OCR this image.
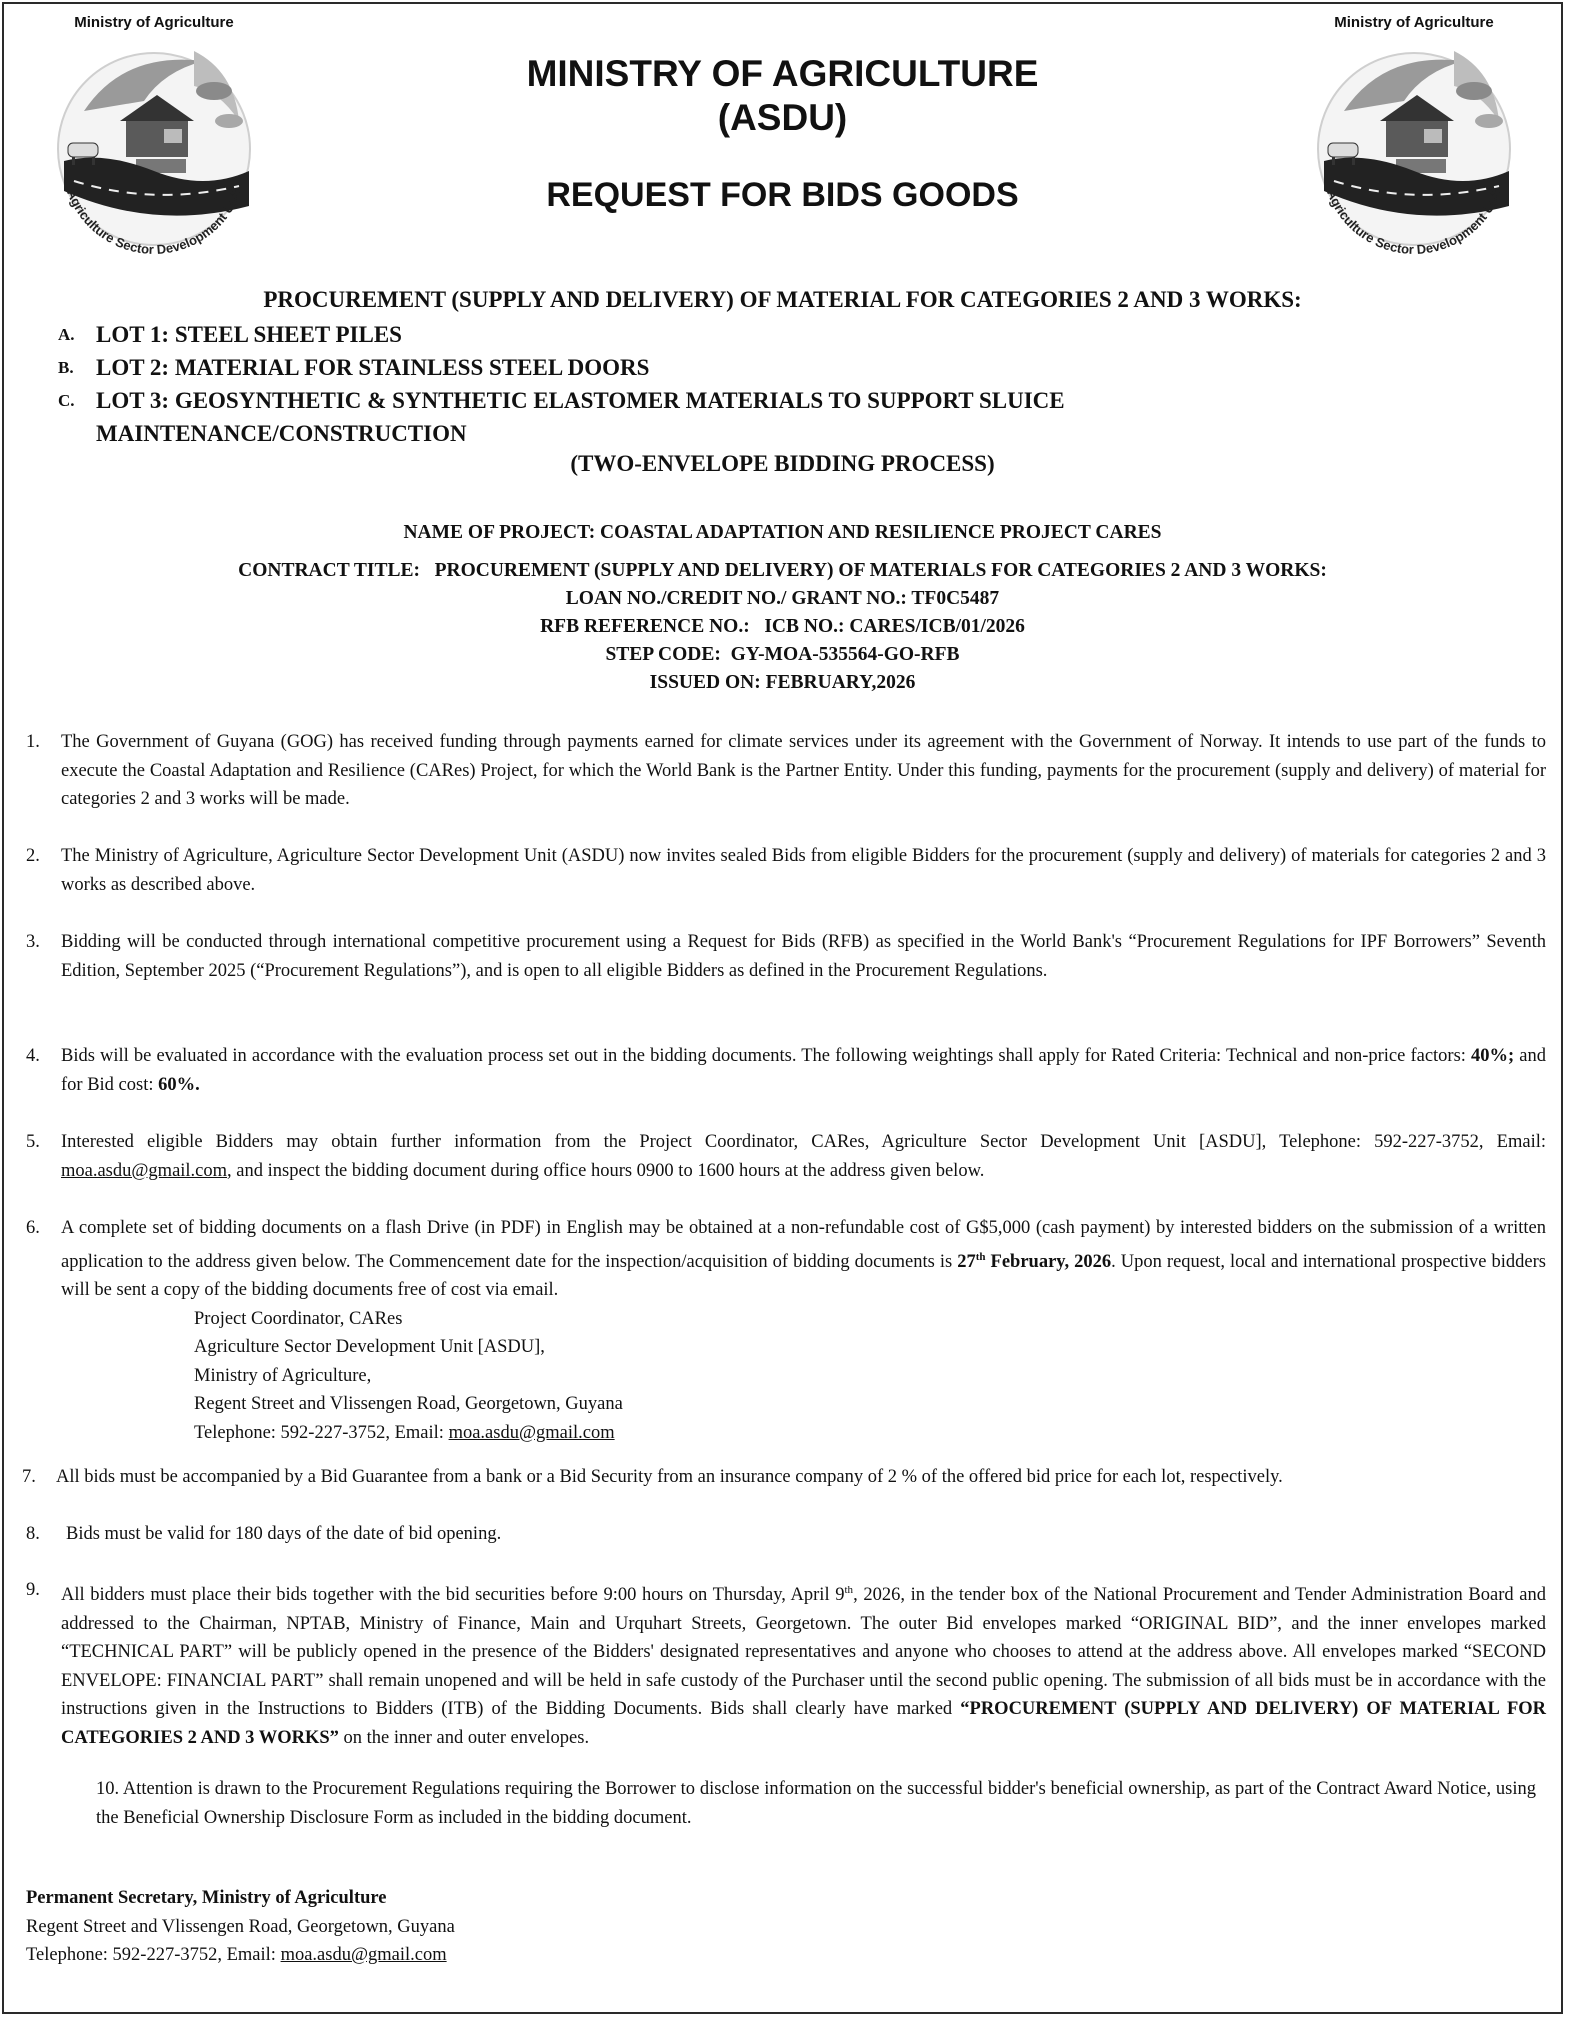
Ministry of Agriculture
Agriculture Sector Development Unit
Ministry of Agriculture
Agriculture Sector Development Unit
MINISTRY OF AGRICULTURE
(ASDU)
REQUEST FOR BIDS GOODS
PROCUREMENT (SUPPLY AND DELIVERY) OF MATERIAL FOR CATEGORIES 2 AND 3 WORKS:
A. LOT 1: STEEL SHEET PILES
B. LOT 2: MATERIAL FOR STAINLESS STEEL DOORS
C. LOT 3: GEOSYNTHETIC & SYNTHETIC ELASTOMER MATERIALS TO SUPPORT SLUICE MAINTENANCE/CONSTRUCTION
(TWO-ENVELOPE BIDDING PROCESS)
NAME OF PROJECT: COASTAL ADAPTATION AND RESILIENCE PROJECT CARES
CONTRACT TITLE:   PROCUREMENT (SUPPLY AND DELIVERY) OF MATERIALS FOR CATEGORIES 2 AND 3 WORKS:
LOAN NO./CREDIT NO./ GRANT NO.: TF0C5487
RFB REFERENCE NO.:   ICB NO.: CARES/ICB/01/2026
STEP CODE:  GY-MOA-535564-GO-RFB
ISSUED ON: FEBRUARY,2026
1. The Government of Guyana (GOG) has received funding through payments earned for climate services under its agreement with the Government of Norway. It intends to use part of the funds to execute the Coastal Adaptation and Resilience (CARes) Project, for which the World Bank is the Partner Entity. Under this funding, payments for the procurement (supply and delivery) of material for categories 2 and 3 works will be made.
2. The Ministry of Agriculture, Agriculture Sector Development Unit (ASDU) now invites sealed Bids from eligible Bidders for the procurement (supply and delivery) of materials for categories 2 and 3 works as described above.
3. Bidding will be conducted through international competitive procurement using a Request for Bids (RFB) as specified in the World Bank's “Procurement Regulations for IPF Borrowers” Seventh Edition, September 2025 (“Procurement Regulations”), and is open to all eligible Bidders as defined in the Procurement Regulations.
4. Bids will be evaluated in accordance with the evaluation process set out in the bidding documents. The following weightings shall apply for Rated Criteria: Technical and non-price factors: 40%; and for Bid cost: 60%.
5. Interested eligible Bidders may obtain further information from the Project Coordinator, CARes, Agriculture Sector Development Unit [ASDU], Telephone: 592-227-3752, Email: moa.asdu@gmail.com, and inspect the bidding document during office hours 0900 to 1600 hours at the address given below.
6. A complete set of bidding documents on a flash Drive (in PDF) in English may be obtained at a non-refundable cost of G$5,000 (cash payment) by interested bidders on the submission of a written application to the address given below. The Commencement date for the inspection/acquisition of bidding documents is 27th February, 2026. Upon request, local and international prospective bidders will be sent a copy of the bidding documents free of cost via email.
Project Coordinator, CARes
Agriculture Sector Development Unit [ASDU],
Ministry of Agriculture,
Regent Street and Vlissengen Road, Georgetown, Guyana
Telephone: 592-227-3752, Email: moa.asdu@gmail.com
7. All bids must be accompanied by a Bid Guarantee from a bank or a Bid Security from an insurance company of 2 % of the offered bid price for each lot, respectively.
8. Bids must be valid for 180 days of the date of bid opening.
9. All bidders must place their bids together with the bid securities before 9:00 hours on Thursday, April 9th, 2026, in the tender box of the National Procurement and Tender Administration Board and addressed to the Chairman, NPTAB, Ministry of Finance, Main and Urquhart Streets, Georgetown. The outer Bid envelopes marked “ORIGINAL BID”, and the inner envelopes marked “TECHNICAL PART” will be publicly opened in the presence of the Bidders' designated representatives and anyone who chooses to attend at the address above. All envelopes marked “SECOND ENVELOPE: FINANCIAL PART” shall remain unopened and will be held in safe custody of the Purchaser until the second public opening. The submission of all bids must be in accordance with the instructions given in the Instructions to Bidders (ITB) of the Bidding Documents. Bids shall clearly have marked “PROCUREMENT (SUPPLY AND DELIVERY) OF MATERIAL FOR CATEGORIES 2 AND 3 WORKS” on the inner and outer envelopes.
10. Attention is drawn to the Procurement Regulations requiring the Borrower to disclose information on the successful bidder's beneficial ownership, as part of the Contract Award Notice, using the Beneficial Ownership Disclosure Form as included in the bidding document.
Permanent Secretary, Ministry of Agriculture
Regent Street and Vlissengen Road, Georgetown, Guyana
Telephone: 592-227-3752, Email: moa.asdu@gmail.com
